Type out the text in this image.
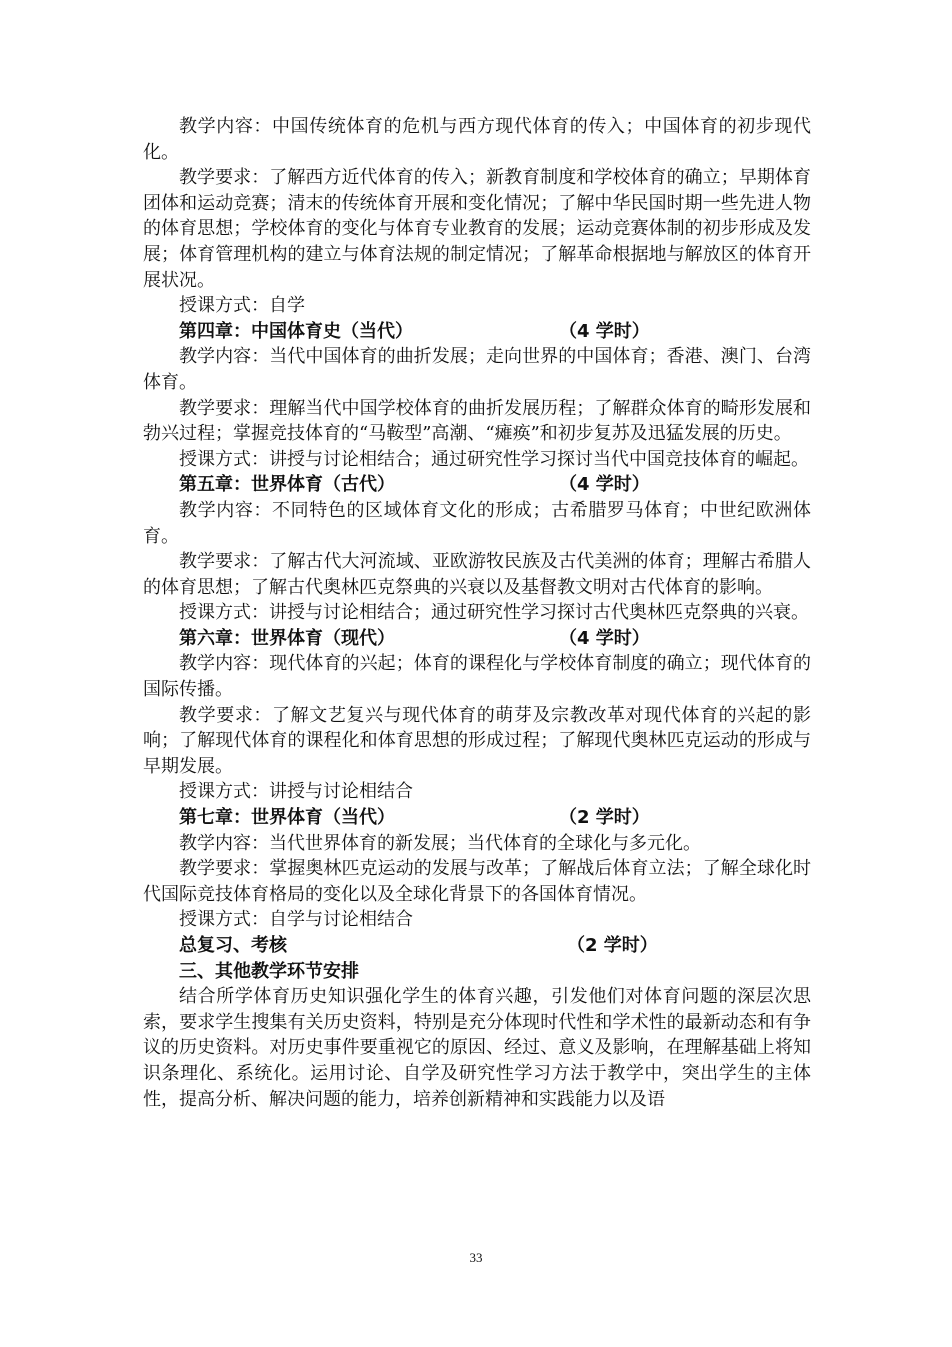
教学内容：中国传统体育的危机与西方现代体育的传入；中国体育的初步现代化。

教学要求：了解西方近代体育的传入；新教育制度和学校体育的确立；早期体育团体和运动竞赛；清末的传统体育开展和变化情况；了解中华民国时期一些先进人物的体育思想；学校体育的变化与体育专业教育的发展；运动竞赛体制的初步形成及发展；体育管理机构的建立与体育法规的制定情况；了解革命根据地与解放区的体育开展状况。

授课方式：自学

第四章：中国体育史（当代）	（4 学时）

教学内容：当代中国体育的曲折发展；走向世界的中国体育；香港、澳门、台湾体育。

教学要求：理解当代中国学校体育的曲折发展历程；了解群众体育的畸形发展和勃兴过程；掌握竞技体育的“马鞍型”高潮、“瘫痪”和初步复苏及迅猛发展的历史。

授课方式：讲授与讨论相结合；通过研究性学习探讨当代中国竞技体育的崛起。

第五章：世界体育（古代）	（4 学时）

教学内容：不同特色的区域体育文化的形成；古希腊罗马体育；中世纪欧洲体育。

教学要求：了解古代大河流域、亚欧游牧民族及古代美洲的体育；理解古希腊人的体育思想；了解古代奥林匹克祭典的兴衰以及基督教文明对古代体育的影响。

授课方式：讲授与讨论相结合；通过研究性学习探讨古代奥林匹克祭典的兴衰。

第六章：世界体育（现代）	（4 学时）

教学内容：现代体育的兴起；体育的课程化与学校体育制度的确立；现代体育的国际传播。

教学要求：了解文艺复兴与现代体育的萌芽及宗教改革对现代体育的兴起的影响；了解现代体育的课程化和体育思想的形成过程；了解现代奥林匹克运动的形成与早期发展。

授课方式：讲授与讨论相结合

第七章：世界体育（当代）	（2 学时）

教学内容：当代世界体育的新发展；当代体育的全球化与多元化。

教学要求：掌握奥林匹克运动的发展与改革；了解战后体育立法；了解全球化时代国际竞技体育格局的变化以及全球化背景下的各国体育情况。

授课方式：自学与讨论相结合

总复习、考核	（2 学时）

三、其他教学环节安排

结合所学体育历史知识强化学生的体育兴趣，引发他们对体育问题的深层次思索，要求学生搜集有关历史资料，特别是充分体现时代性和学术性的最新动态和有争议的历史资料。对历史事件要重视它的原因、经过、意义及影响，在理解基础上将知识条理化、系统化。运用讨论、自学及研究性学习方法于教学中，突出学生的主体性，提高分析、解决问题的能力，培养创新精神和实践能力以及语

33
